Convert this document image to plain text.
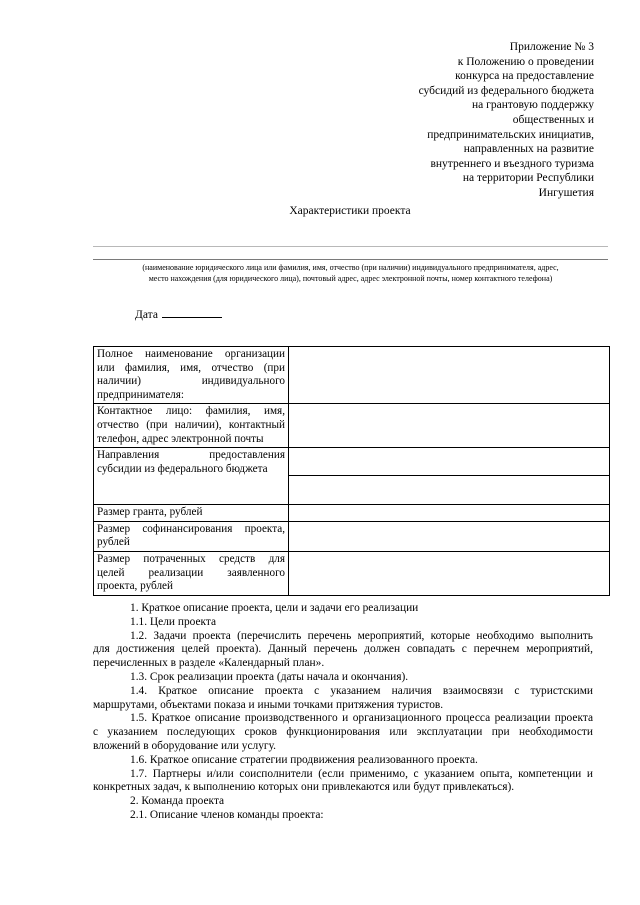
Приложение № 3
к Положению о проведении
конкурса на предоставление
субсидий из федерального бюджета
на грантовую поддержку
общественных и
предпринимательских инициатив,
направленных на развитие
внутреннего и въездного туризма
на территории Республики
Ингушетия
Характеристики проекта
(наименование юридического лица или фамилия, имя, отчество (при наличии) индивидуального предпринимателя, адрес,
место нахождения (для юридического лица), почтовый адрес, адрес электронной почты, номер контактного телефона)
Дата
Полное наименование организации
или фамилия, имя, отчество (при
наличии) индивидуального
предпринимателя:	

Контактное лицо: фамилия, имя,
отчество (при наличии), контактный
телефон, адрес электронной почты	

Направления предоставления
субсидии из федерального бюджета	

Размер гранта, рублей	

Размер софинансирования проекта,
рублей	

Размер потраченных средств для
целей реализации заявленного
проекта, рублей	

1. Краткое описание проекта, цели и задачи его реализации
1.1. Цели проекта
1.2. Задачи проекта (перечислить перечень мероприятий, которые необходимо выполнить
для достижения целей проекта). Данный перечень должен совпадать с перечнем мероприятий,
перечисленных в разделе «Календарный план».
1.3. Срок реализации проекта (даты начала и окончания).
1.4. Краткое описание проекта с указанием наличия взаимосвязи с туристскими
маршрутами, объектами показа и иными точками притяжения туристов.
1.5. Краткое описание производственного и организационного процесса реализации проекта
с указанием последующих сроков функционирования или эксплуатации при необходимости
вложений в оборудование или услугу.
1.6. Краткое описание стратегии продвижения реализованного проекта.
1.7. Партнеры и/или соисполнители (если применимо, с указанием опыта, компетенции и
конкретных задач, к выполнению которых они привлекаются или будут привлекаться).
2. Команда проекта
2.1. Описание членов команды проекта:
